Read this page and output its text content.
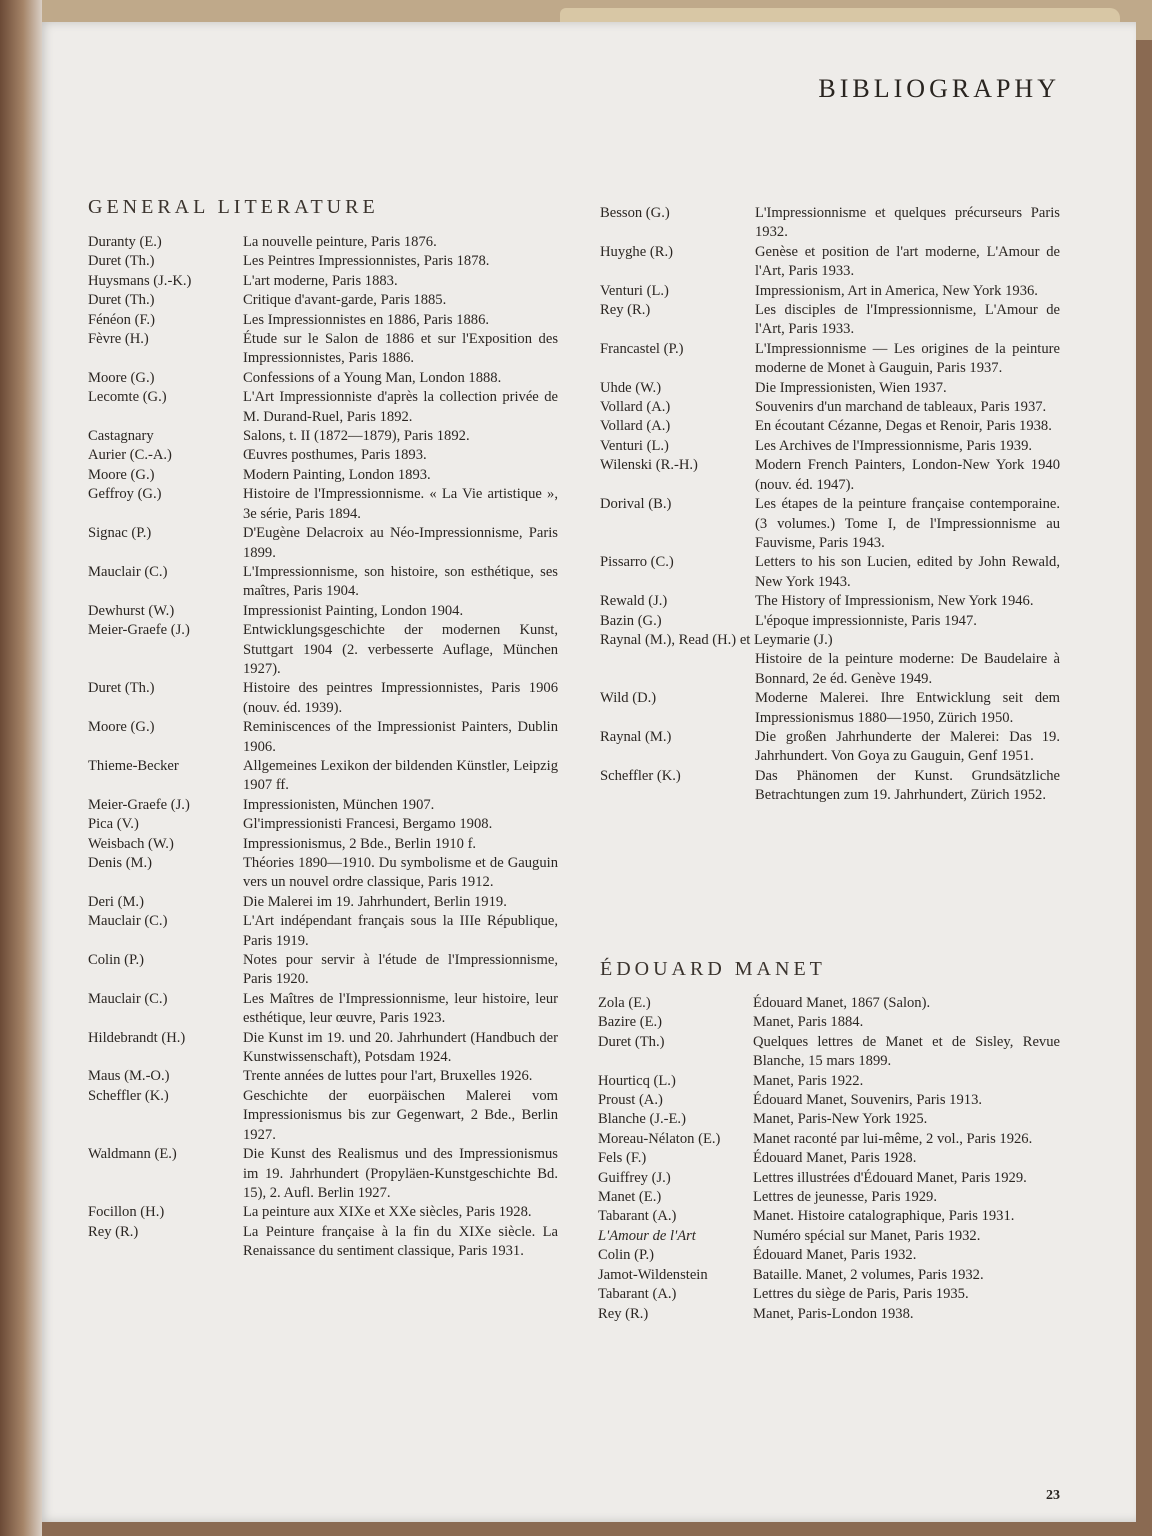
BIBLIOGRAPHY
GENERAL LITERATURE
Duranty (E.)	La nouvelle peinture, Paris 1876.
Duret (Th.)	Les Peintres Impressionnistes, Paris 1878.
Huysmans (J.-K.)	L'art moderne, Paris 1883.
Duret (Th.)	Critique d'avant-garde, Paris 1885.
Fénéon (F.)	Les Impressionnistes en 1886, Paris 1886.
Fèvre (H.)	Étude sur le Salon de 1886 et sur l'Exposition des Impressionnistes, Paris 1886.
Moore (G.)	Confessions of a Young Man, London 1888.
Lecomte (G.)	L'Art Impressionniste d'après la collection privée de M. Durand-Ruel, Paris 1892.
Castagnary	Salons, t. II (1872—1879), Paris 1892.
Aurier (C.-A.)	Œuvres posthumes, Paris 1893.
Moore (G.)	Modern Painting, London 1893.
Geffroy (G.)	Histoire de l'Impressionnisme. « La Vie artistique », 3e série, Paris 1894.
Signac (P.)	D'Eugène Delacroix au Néo-Impressionnisme, Paris 1899.
Mauclair (C.)	L'Impressionnisme, son histoire, son esthétique, ses maîtres, Paris 1904.
Dewhurst (W.)	Impressionist Painting, London 1904.
Meier-Graefe (J.)	Entwicklungsgeschichte der modernen Kunst, Stuttgart 1904 (2. verbesserte Auflage, München 1927).
Duret (Th.)	Histoire des peintres Impressionnistes, Paris 1906 (nouv. éd. 1939).
Moore (G.)	Reminiscences of the Impressionist Painters, Dublin 1906.
Thieme-Becker	Allgemeines Lexikon der bildenden Künstler, Leipzig 1907 ff.
Meier-Graefe (J.)	Impressionisten, München 1907.
Pica (V.)	Gl'impressionisti Francesi, Bergamo 1908.
Weisbach (W.)	Impressionismus, 2 Bde., Berlin 1910 f.
Denis (M.)	Théories 1890—1910. Du symbolisme et de Gauguin vers un nouvel ordre classique, Paris 1912.
Deri (M.)	Die Malerei im 19. Jahrhundert, Berlin 1919.
Mauclair (C.)	L'Art indépendant français sous la IIIe République, Paris 1919.
Colin (P.)	Notes pour servir à l'étude de l'Impressionnisme, Paris 1920.
Mauclair (C.)	Les Maîtres de l'Impressionnisme, leur histoire, leur esthétique, leur œuvre, Paris 1923.
Hildebrandt (H.)	Die Kunst im 19. und 20. Jahrhundert (Handbuch der Kunstwissenschaft), Potsdam 1924.
Maus (M.-O.)	Trente années de luttes pour l'art, Bruxelles 1926.
Scheffler (K.)	Geschichte der euorpäischen Malerei vom Impressionismus bis zur Gegenwart, 2 Bde., Berlin 1927.
Waldmann (E.)	Die Kunst des Realismus und des Impressionismus im 19. Jahrhundert (Propyläen-Kunstgeschichte Bd. 15), 2. Aufl. Berlin 1927.
Focillon (H.)	La peinture aux XIXe et XXe siècles, Paris 1928.
Rey (R.)	La Peinture française à la fin du XIXe siècle. La Renaissance du sentiment classique, Paris 1931.
Besson (G.)	L'Impressionnisme et quelques précurseurs Paris 1932.
Huyghe (R.)	Genèse et position de l'art moderne, L'Amour de l'Art, Paris 1933.
Venturi (L.)	Impressionism, Art in America, New York 1936.
Rey (R.)	Les disciples de l'Impressionnisme, L'Amour de l'Art, Paris 1933.
Francastel (P.)	L'Impressionnisme — Les origines de la peinture moderne de Monet à Gauguin, Paris 1937.
Uhde (W.)	Die Impressionisten, Wien 1937.
Vollard (A.)	Souvenirs d'un marchand de tableaux, Paris 1937.
Vollard (A.)	En écoutant Cézanne, Degas et Renoir, Paris 1938.
Venturi (L.)	Les Archives de l'Impressionnisme, Paris 1939.
Wilenski (R.-H.)	Modern French Painters, London-New York 1940 (nouv. éd. 1947).
Dorival (B.)	Les étapes de la peinture française contemporaine. (3 volumes.) Tome I, de l'Impressionnisme au Fauvisme, Paris 1943.
Pissarro (C.)	Letters to his son Lucien, edited by John Rewald, New York 1943.
Rewald (J.)	The History of Impressionism, New York 1946.
Bazin (G.)	L'époque impressionniste, Paris 1947.
Raynal (M.), Read (H.) et Leymarie (J.)
Histoire de la peinture moderne: De Baudelaire à Bonnard, 2e éd. Genève 1949.
Wild (D.)	Moderne Malerei. Ihre Entwicklung seit dem Impressionismus 1880—1950, Zürich 1950.
Raynal (M.)	Die großen Jahrhunderte der Malerei: Das 19. Jahrhundert. Von Goya zu Gauguin, Genf 1951.
Scheffler (K.)	Das Phänomen der Kunst. Grundsätzliche Betrachtungen zum 19. Jahrhundert, Zürich 1952.
ÉDOUARD MANET
Zola (E.)	Édouard Manet, 1867 (Salon).
Bazire (E.)	Manet, Paris 1884.
Duret (Th.)	Quelques lettres de Manet et de Sisley, Revue Blanche, 15 mars 1899.
Hourticq (L.)	Manet, Paris 1922.
Proust (A.)	Édouard Manet, Souvenirs, Paris 1913.
Blanche (J.-E.)	Manet, Paris-New York 1925.
Moreau-Nélaton (E.)	Manet raconté par lui-même, 2 vol., Paris 1926.
Fels (F.)	Édouard Manet, Paris 1928.
Guiffrey (J.)	Lettres illustrées d'Édouard Manet, Paris 1929.
Manet (E.)	Lettres de jeunesse, Paris 1929.
Tabarant (A.)	Manet. Histoire catalographique, Paris 1931.
L'Amour de l'Art	Numéro spécial sur Manet, Paris 1932.
Colin (P.)	Édouard Manet, Paris 1932.
Jamot-Wildenstein	Bataille. Manet, 2 volumes, Paris 1932.
Tabarant (A.)	Lettres du siège de Paris, Paris 1935.
Rey (R.)	Manet, Paris-London 1938.
23
